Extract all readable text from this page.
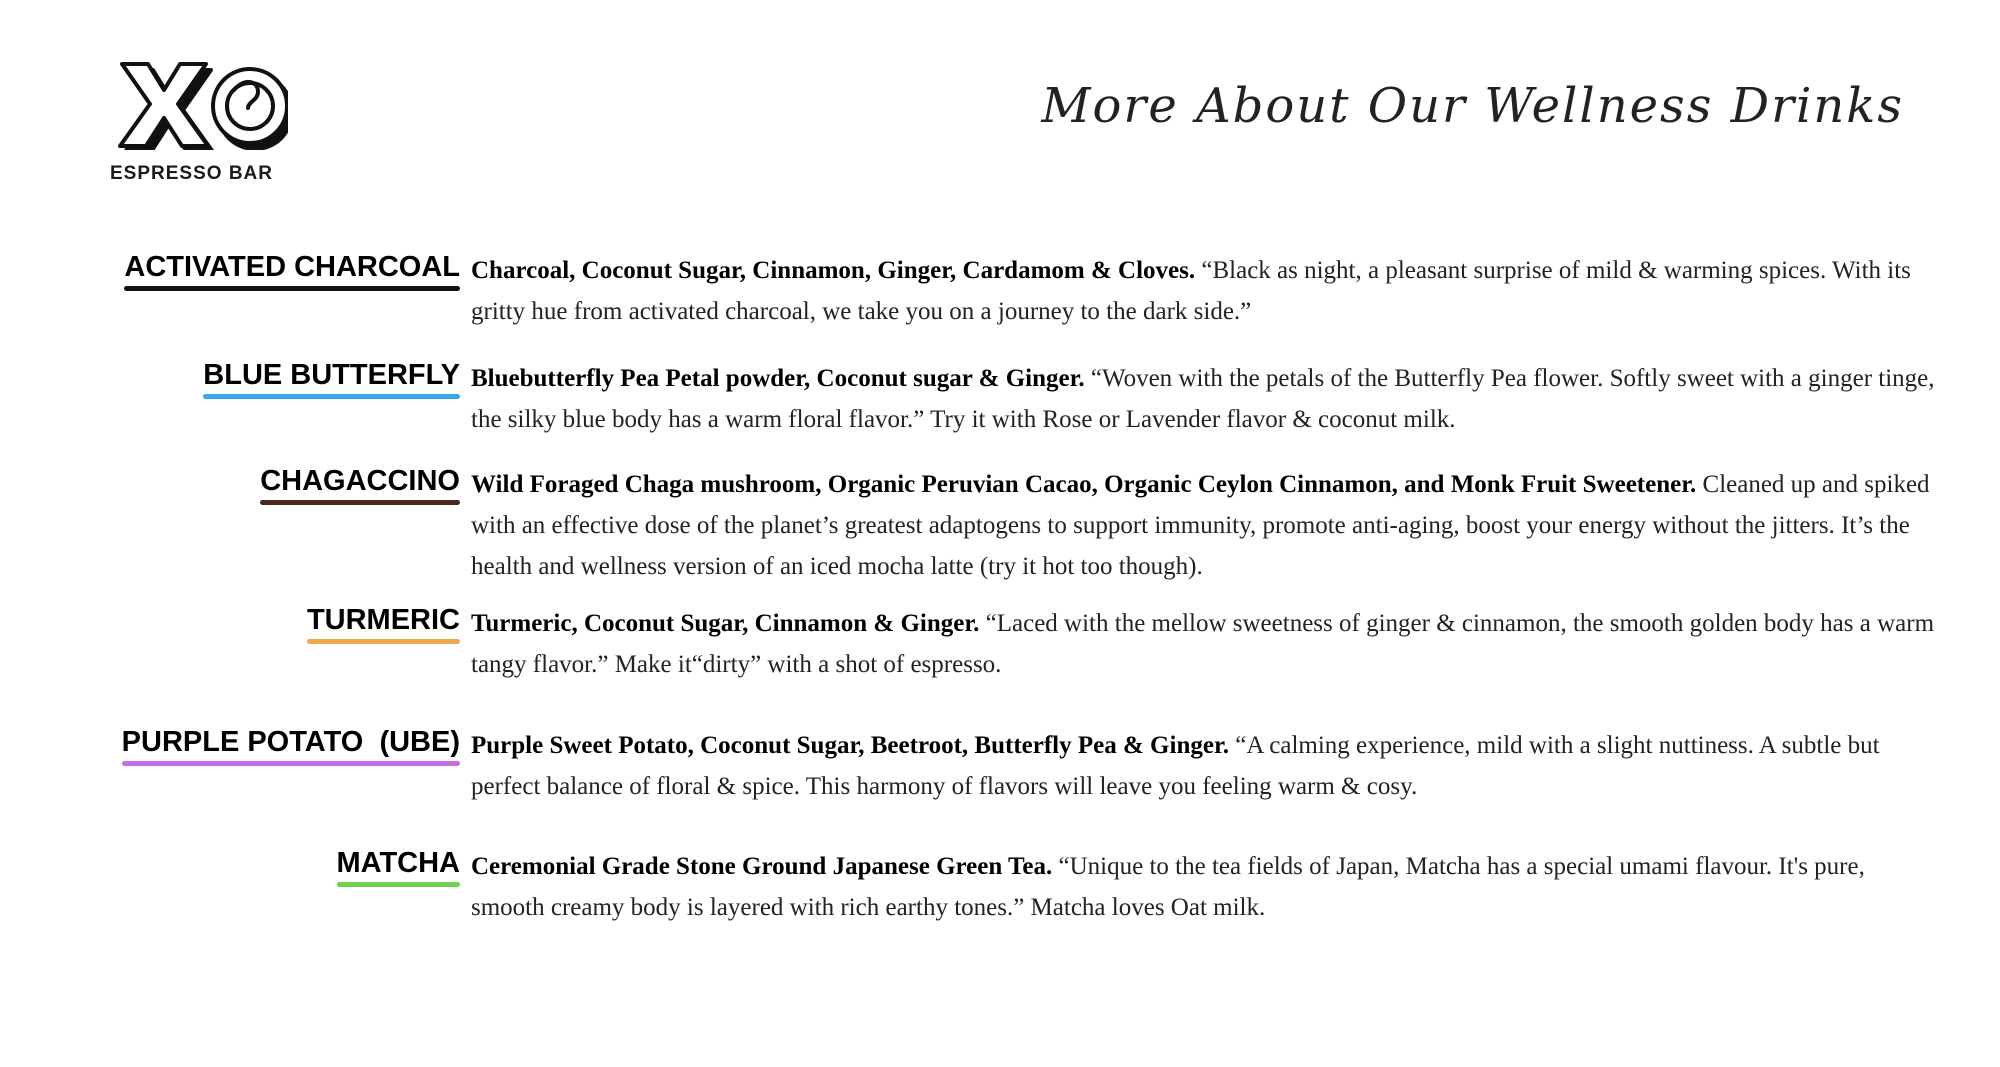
ESPRESSO BAR
More About Our Wellness Drinks
ACTIVATED CHARCOAL Charcoal, Coconut Sugar, Cinnamon, Ginger, Cardamom & Cloves. “Black as night, a pleasant surprise of mild & warming spices. With its gritty hue from activated charcoal, we take you on a journey to the dark side.”
BLUE BUTTERFLY Bluebutterfly Pea Petal powder, Coconut sugar & Ginger. “Woven with the petals of the Butterfly Pea flower. Softly sweet with a ginger tinge, the silky blue body has a warm floral flavor.” Try it with Rose or Lavender flavor & coconut milk.
CHAGACCINO Wild Foraged Chaga mushroom, Organic Peruvian Cacao, Organic Ceylon Cinnamon, and Monk Fruit Sweetener. Cleaned up and spiked with an effective dose of the planet’s greatest adaptogens to support immunity, promote anti-aging, boost your energy without the jitters. It’s the health and wellness version of an iced mocha latte (try it hot too though).
TURMERIC Turmeric, Coconut Sugar, Cinnamon & Ginger. “Laced with the mellow sweetness of ginger & cinnamon, the smooth golden body has a warm tangy flavor.” Make it“dirty” with a shot of espresso.
PURPLE POTATO  (UBE) Purple Sweet Potato, Coconut Sugar, Beetroot, Butterfly Pea & Ginger. “A calming experience, mild with a slight nuttiness. A subtle but perfect balance of floral & spice. This harmony of flavors will leave you feeling warm & cosy.
MATCHA Ceremonial Grade Stone Ground Japanese Green Tea. “Unique to the tea fields of Japan, Matcha has a special umami flavour. It's pure, smooth creamy body is layered with rich earthy tones.” Matcha loves Oat milk.
